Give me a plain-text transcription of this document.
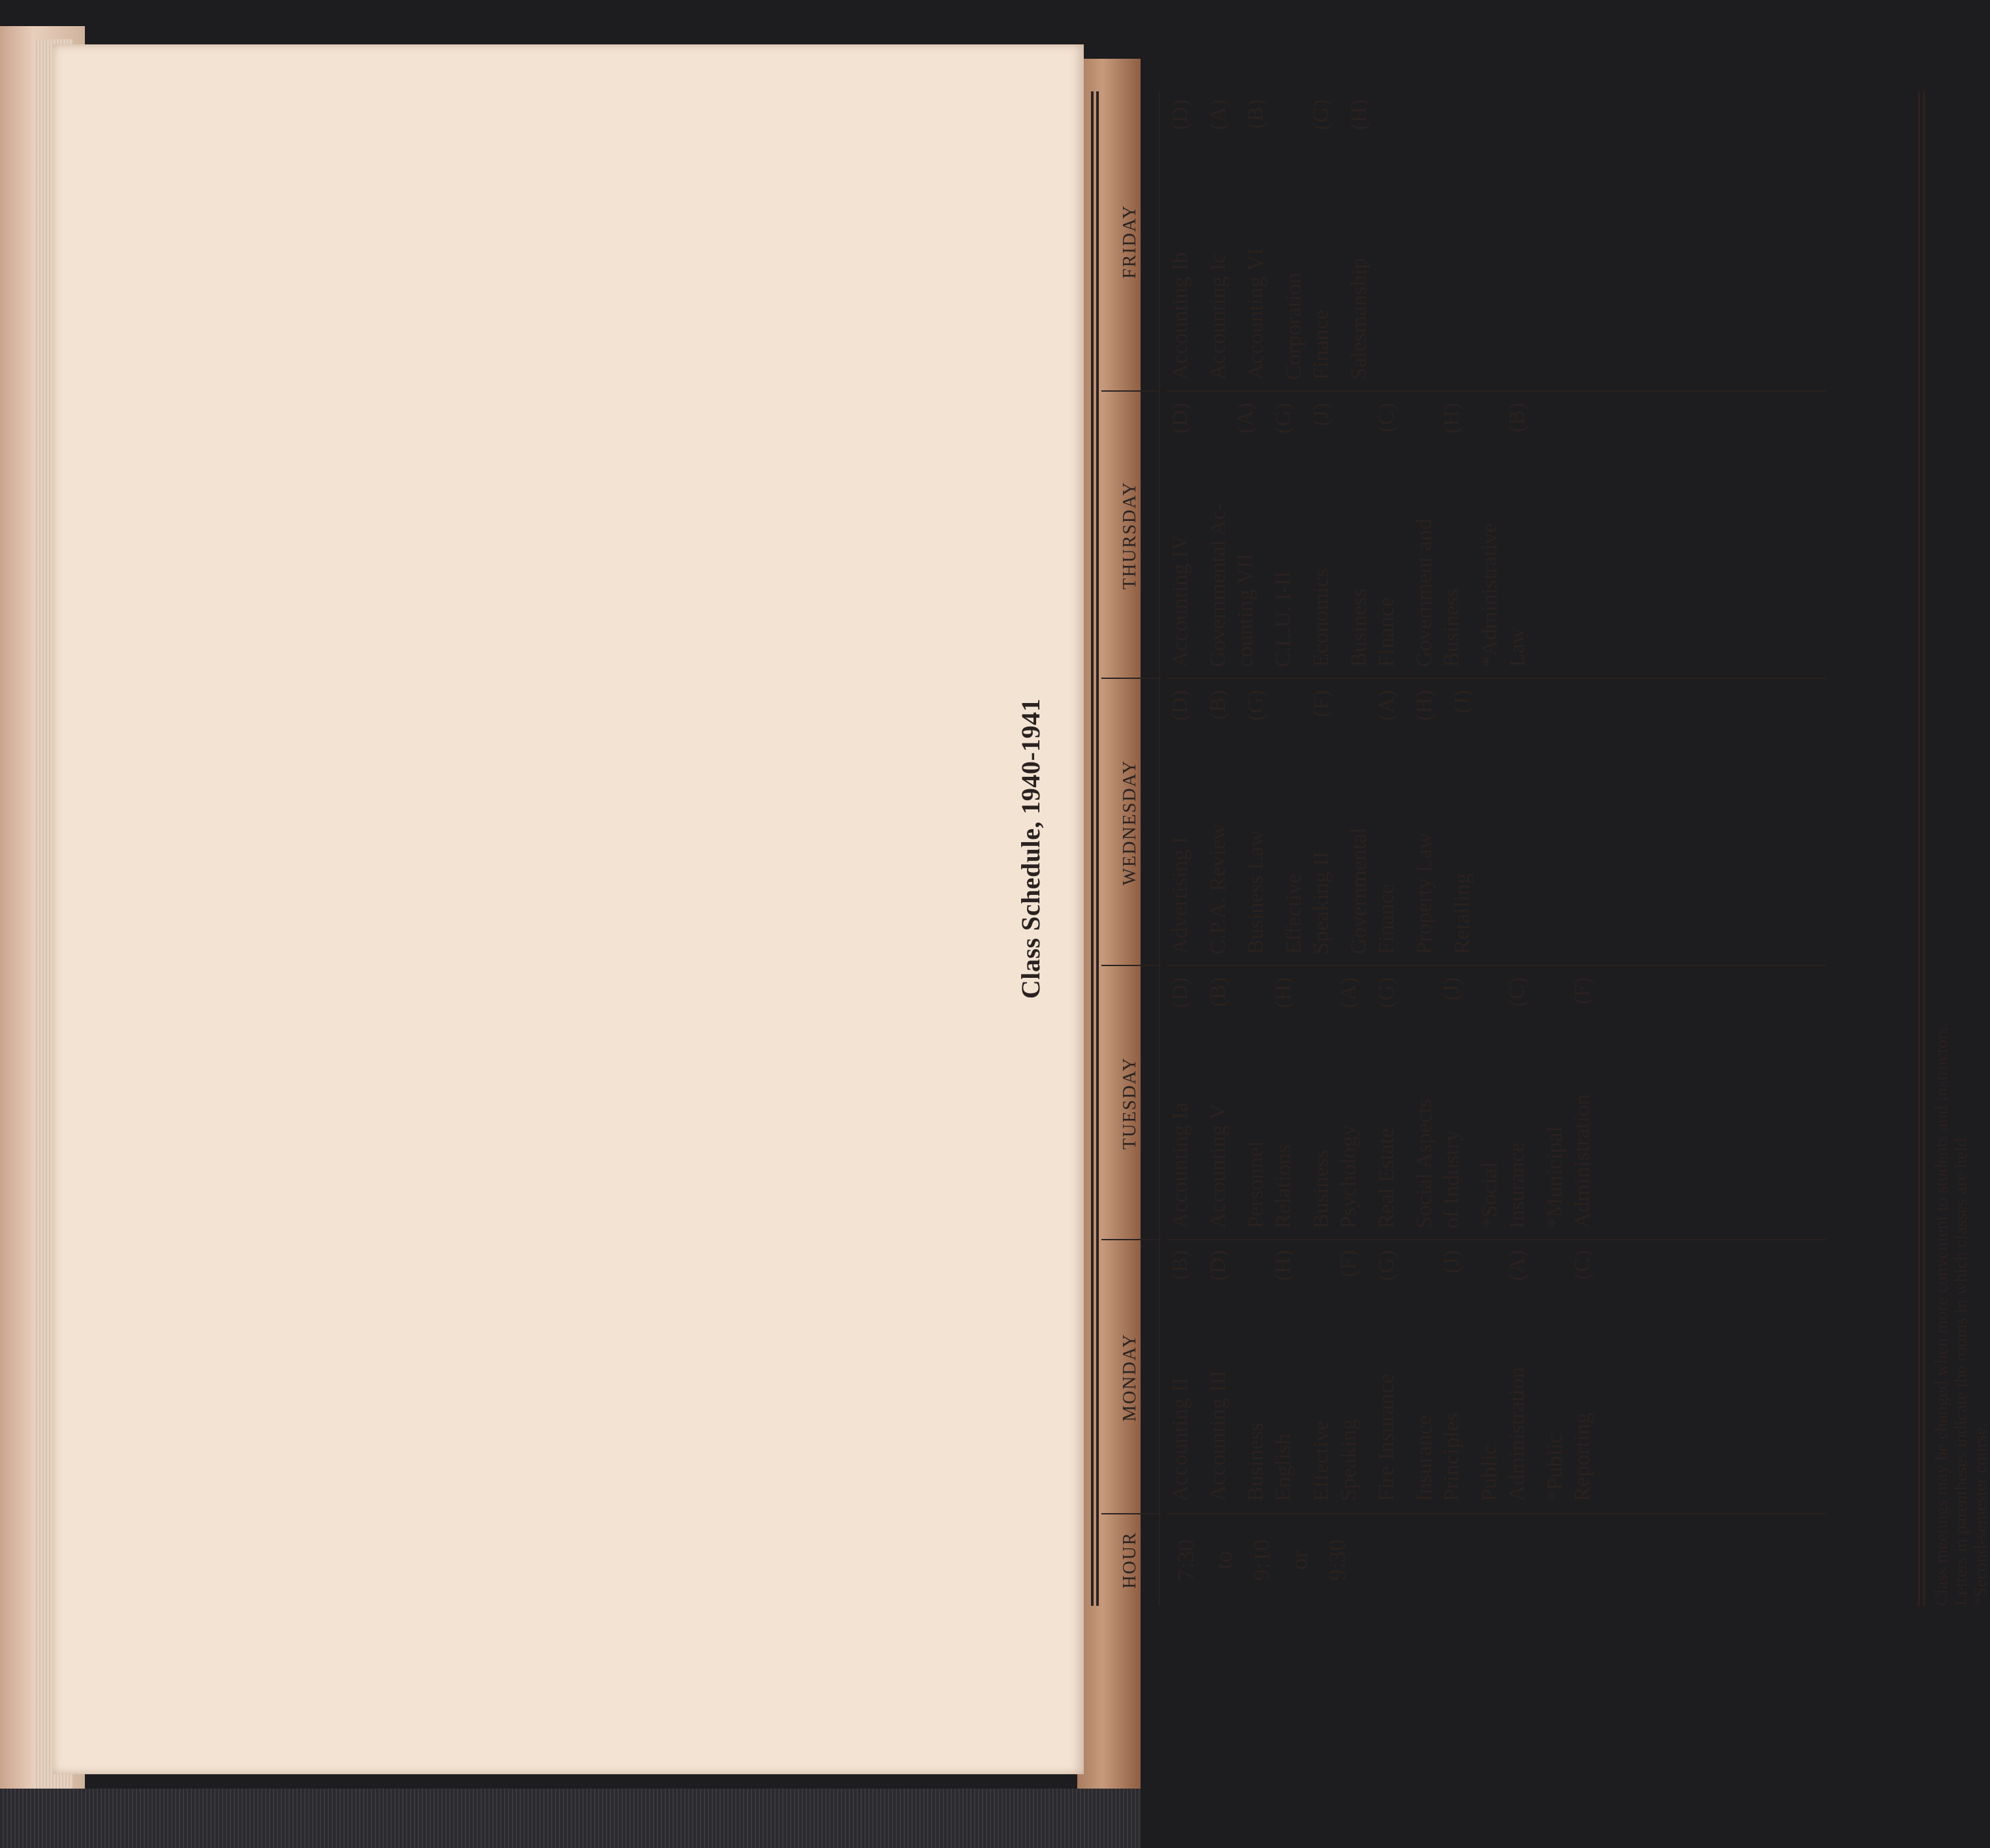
Class Schedule, 1940-1941
HOUR
MONDAY
TUESDAY
WEDNESDAY
THURSDAY
FRIDAY
7:30 to 9:10 or 9:30
Accounting II
(B)
Accounting III
(D)
Business
English
(H)
Effective
Speaking
(F)
Fire Insurance
(G)
Insurance
Principles
(J)
Public
Administration
(A)
*Public
Reporting
(C)
Accounting Ia
(D)
Accounting V
(B)
Personnel
Relations
(H)
Business
Psychology
(A)
Real Estate
(G)
Social Aspects
of Industry
(J)
*Social
Insurance
(C)
*Municipal
Administration
(F)
Advertising I
(D)
C.P.A. Review
(B)
Business Law
(G)
Effective
Speaking II
(F)
Governmental
Finance
(A)
Property Law
(H)
Retailing
(J)
Accounting IV
(D)
Governmental Ac-
counting VII
(A)
C.L.U. I-II
(G)
Economics
(J)
Business
Finance
(C)
Government and
Business
(H)
*Administrative
Law
(B)
Accounting Ib
(D)
Accounting Ic
(A)
Accounting VI
(B)
Corporation
Finance
(G)
Salesmanship
(H)
Class meetings may be changed when more convenient to students and instructors. Letters in parentheses indicate the rooms in which classes are held. *Second-semester course.
